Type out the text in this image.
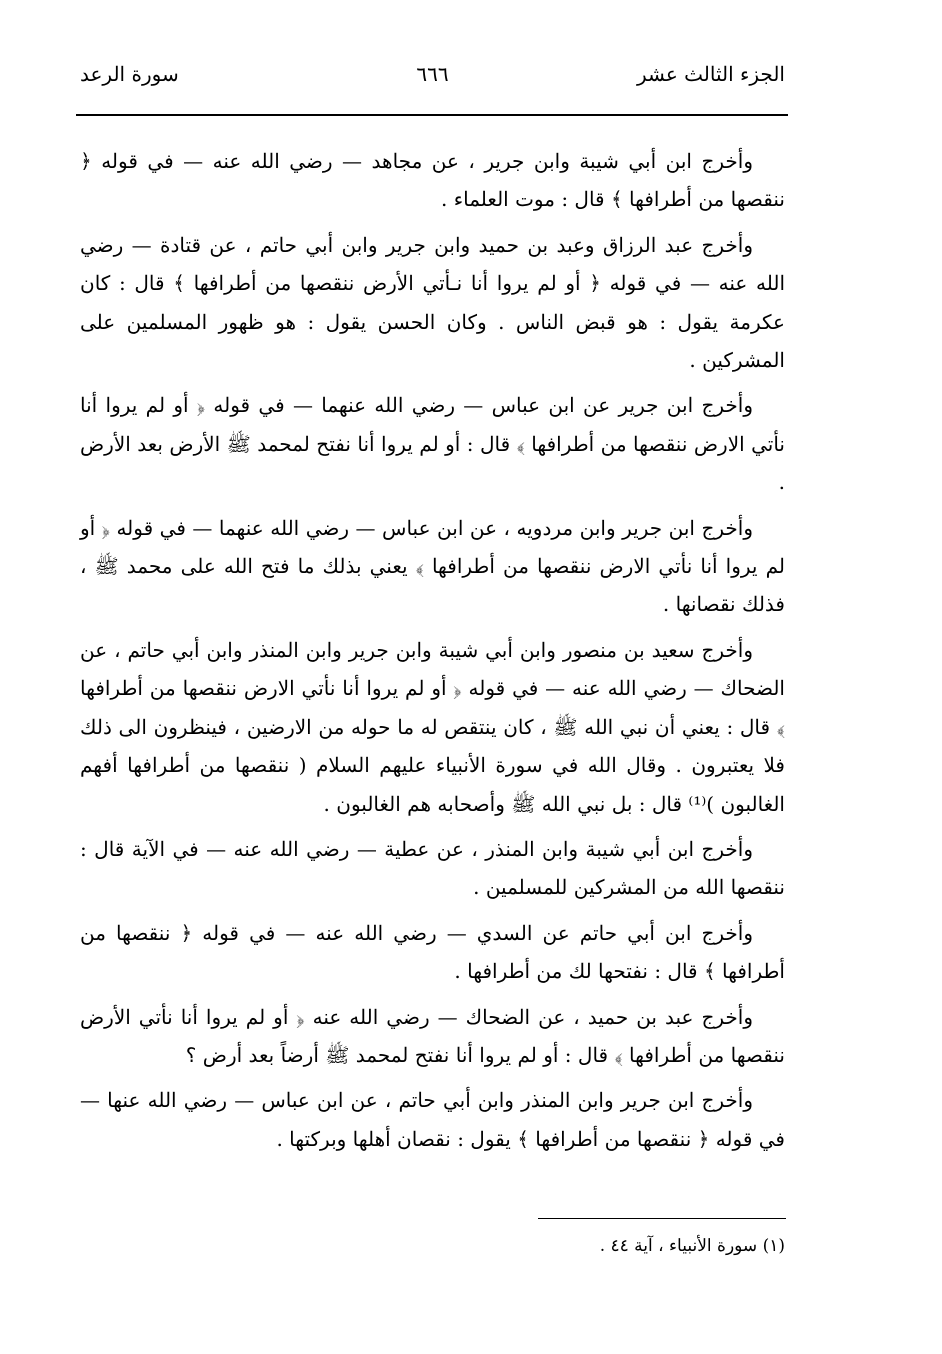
الجزء الثالث عشر
٦٦٦
سورة الرعد

وأخرج ابن أبي شيبة وابن جرير ، عن مجاهد — رضي الله عنه — في قوله ﴿ ننقصها من أطرافها ﴾ قال : موت العلماء .

وأخرج عبد الرزاق وعبد بن حميد وابن جرير وابن أبي حاتم ، عن قتادة — رضي الله عنه — في قوله ﴿ أو لم يروا أنا نـأتي الأرض ننقصها من أطرافها ﴾ قال : كان عكرمة يقول : هو قبض الناس . وكان الحسن يقول : هو ظهور المسلمين على المشركين .

وأخرج ابن جرير عن ابن عباس — رضي الله عنهما — في قوله ﴿ أو لم يروا أنا نأتي الارض ننقصها من أطرافها ﴾ قال : أو لم يروا أنا نفتح لمحمد ﷺ الأرض بعد الأرض .

وأخرج ابن جرير وابن مردويه ، عن ابن عباس — رضي الله عنهما — في قوله ﴿ أو لم يروا أنا نأتي الارض ننقصها من أطرافها ﴾ يعني بذلك ما فتح الله على محمد ﷺ ، فذلك نقصانها .

وأخرج سعيد بن منصور وابن أبي شيبة وابن جرير وابن المنذر وابن أبي حاتم ، عن الضحاك — رضي الله عنه — في قوله ﴿ أو لم يروا أنا نأتي الارض ننقصها من أطرافها ﴾ قال : يعني أن نبي الله ﷺ ، كان ينتقص له ما حوله من الارضين ، فينظرون الى ذلك فلا يعتبرون . وقال الله في سورة الأنبياء عليهم السلام ( ننقصها من أطرافها أفهم الغالبون )⁽¹⁾ قال : بل نبي الله ﷺ وأصحابه هم الغالبون .

وأخرج ابن أبي شيبة وابن المنذر ، عن عطية — رضي الله عنه — في الآية قال : ننقصها الله من المشركين للمسلمين .

وأخرج ابن أبي حاتم عن السدي — رضي الله عنه — في قوله ﴿ ننقصها من أطرافها ﴾ قال : نفتحها لك من أطرافها .

وأخرج عبد بن حميد ، عن الضحاك — رضي الله عنه ﴿ أو لم يروا أنا نأتي الأرض ننقصها من أطرافها ﴾ قال : أو لم يروا أنا نفتح لمحمد ﷺ أرضاً بعد أرض ؟

وأخرج ابن جرير وابن المنذر وابن أبي حاتم ، عن ابن عباس — رضي الله عنها — في قوله ﴿ ننقصها من أطرافها ﴾ يقول : نقصان أهلها وبركتها .

(١) سورة الأنبياء ، آية ٤٤ .
